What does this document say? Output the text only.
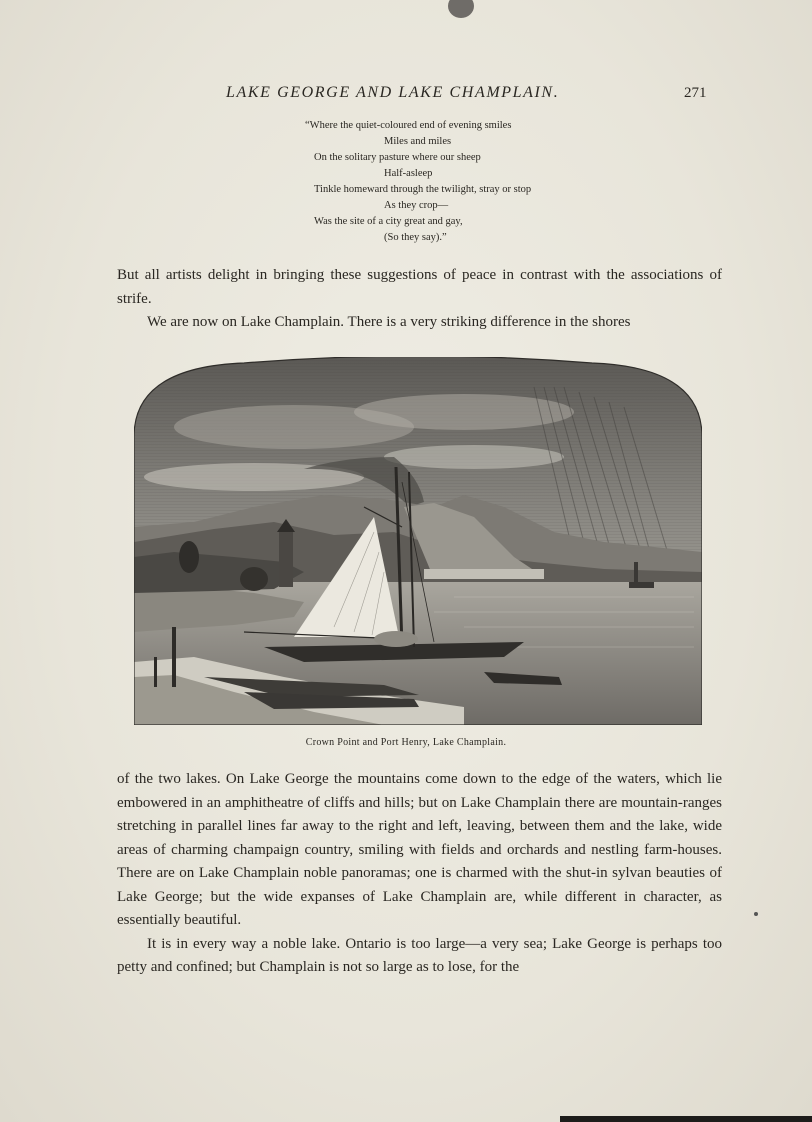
LAKE GEORGE AND LAKE CHAMPLAIN.	271
“Where the quiet-coloured end of evening smiles
Miles and miles
On the solitary pasture where our sheep
Half-asleep
Tinkle homeward through the twilight, stray or stop
As they crop—
Was the site of a city great and gay,
(So they say).”

But all artists delight in bringing these suggestions of peace in contrast with the associations of strife.

We are now on Lake Champlain. There is a very striking difference in the shores

Crown Point and Port Henry, Lake Champlain.

of the two lakes. On Lake George the mountains come down to the edge of the waters, which lie embowered in an amphitheatre of cliffs and hills; but on Lake Champlain there are mountain-ranges stretching in parallel lines far away to the right and left, leaving, between them and the lake, wide areas of charming champaign country, smiling with fields and orchards and nestling farm-houses. There are on Lake Champlain noble panoramas; one is charmed with the shut-in sylvan beauties of Lake George; but the wide expanses of Lake Champlain are, while different in character, as essentially beautiful.

It is in every way a noble lake. Ontario is too large—a very sea; Lake George is perhaps too petty and confined; but Champlain is not so large as to lose, for the
